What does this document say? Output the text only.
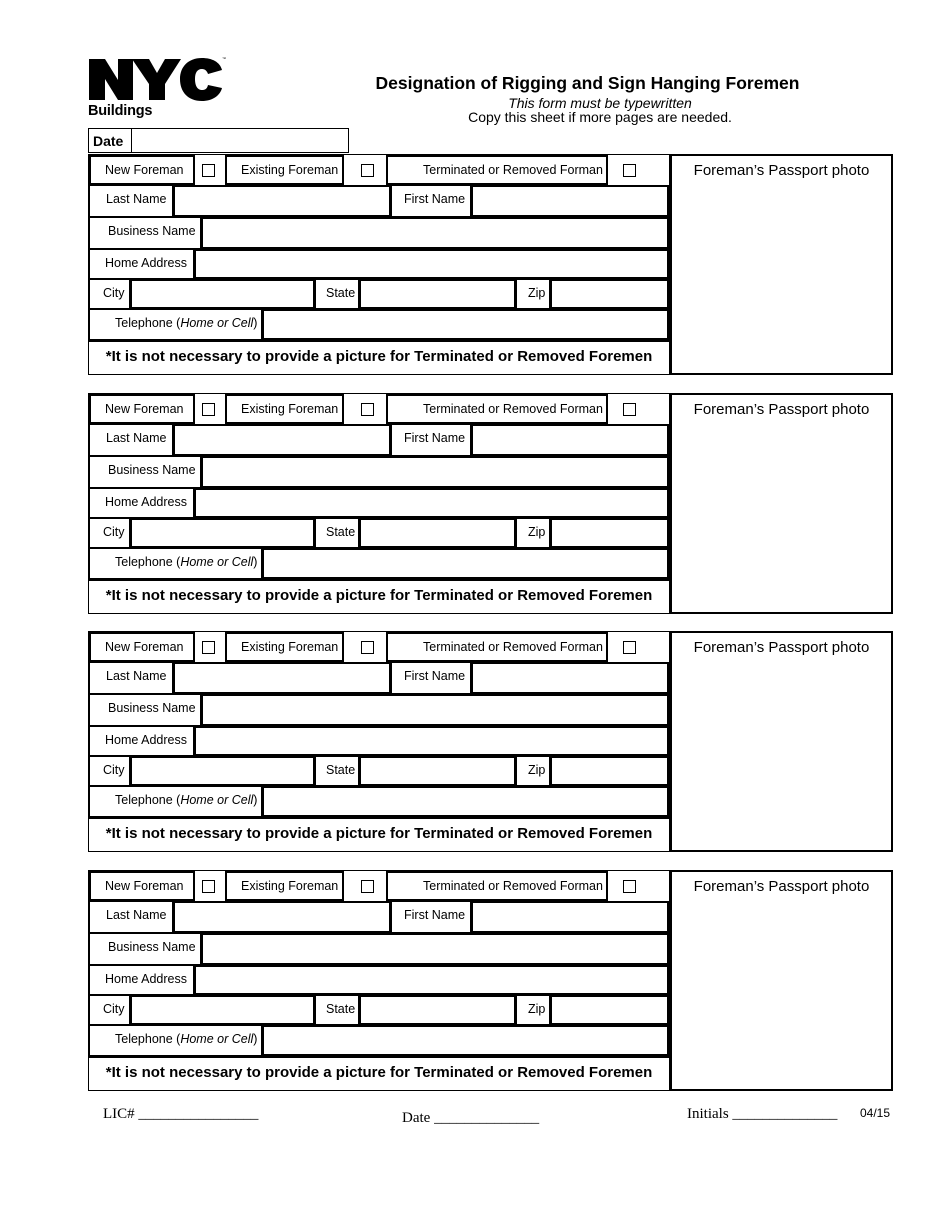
™
Buildings
Designation of Rigging and Sign Hanging Foremen
This form must be typewritten
Copy this sheet if more pages are needed.
Date
New Foreman	Existing Foreman	Terminated or Removed Forman
Last Name	First Name
Business Name
Home Address
City	State	Zip
Telephone (Home or Cell)
*It is not necessary to provide a picture for Terminated or Removed Foremen
Foreman’s Passport photo
New Foreman	Existing Foreman	Terminated or Removed Forman
Last Name	First Name
Business Name
Home Address
City	State	Zip
Telephone (Home or Cell)
*It is not necessary to provide a picture for Terminated or Removed Foremen
Foreman’s Passport photo
New Foreman	Existing Foreman	Terminated or Removed Forman
Last Name	First Name
Business Name
Home Address
City	State	Zip
Telephone (Home or Cell)
*It is not necessary to provide a picture for Terminated or Removed Foremen
Foreman’s Passport photo
New Foreman	Existing Foreman	Terminated or Removed Forman
Last Name	First Name
Business Name
Home Address
City	State	Zip
Telephone (Home or Cell)
*It is not necessary to provide a picture for Terminated or Removed Foremen
Foreman’s Passport photo
LIC# ________________	Date ______________	Initials ______________ 04/15
